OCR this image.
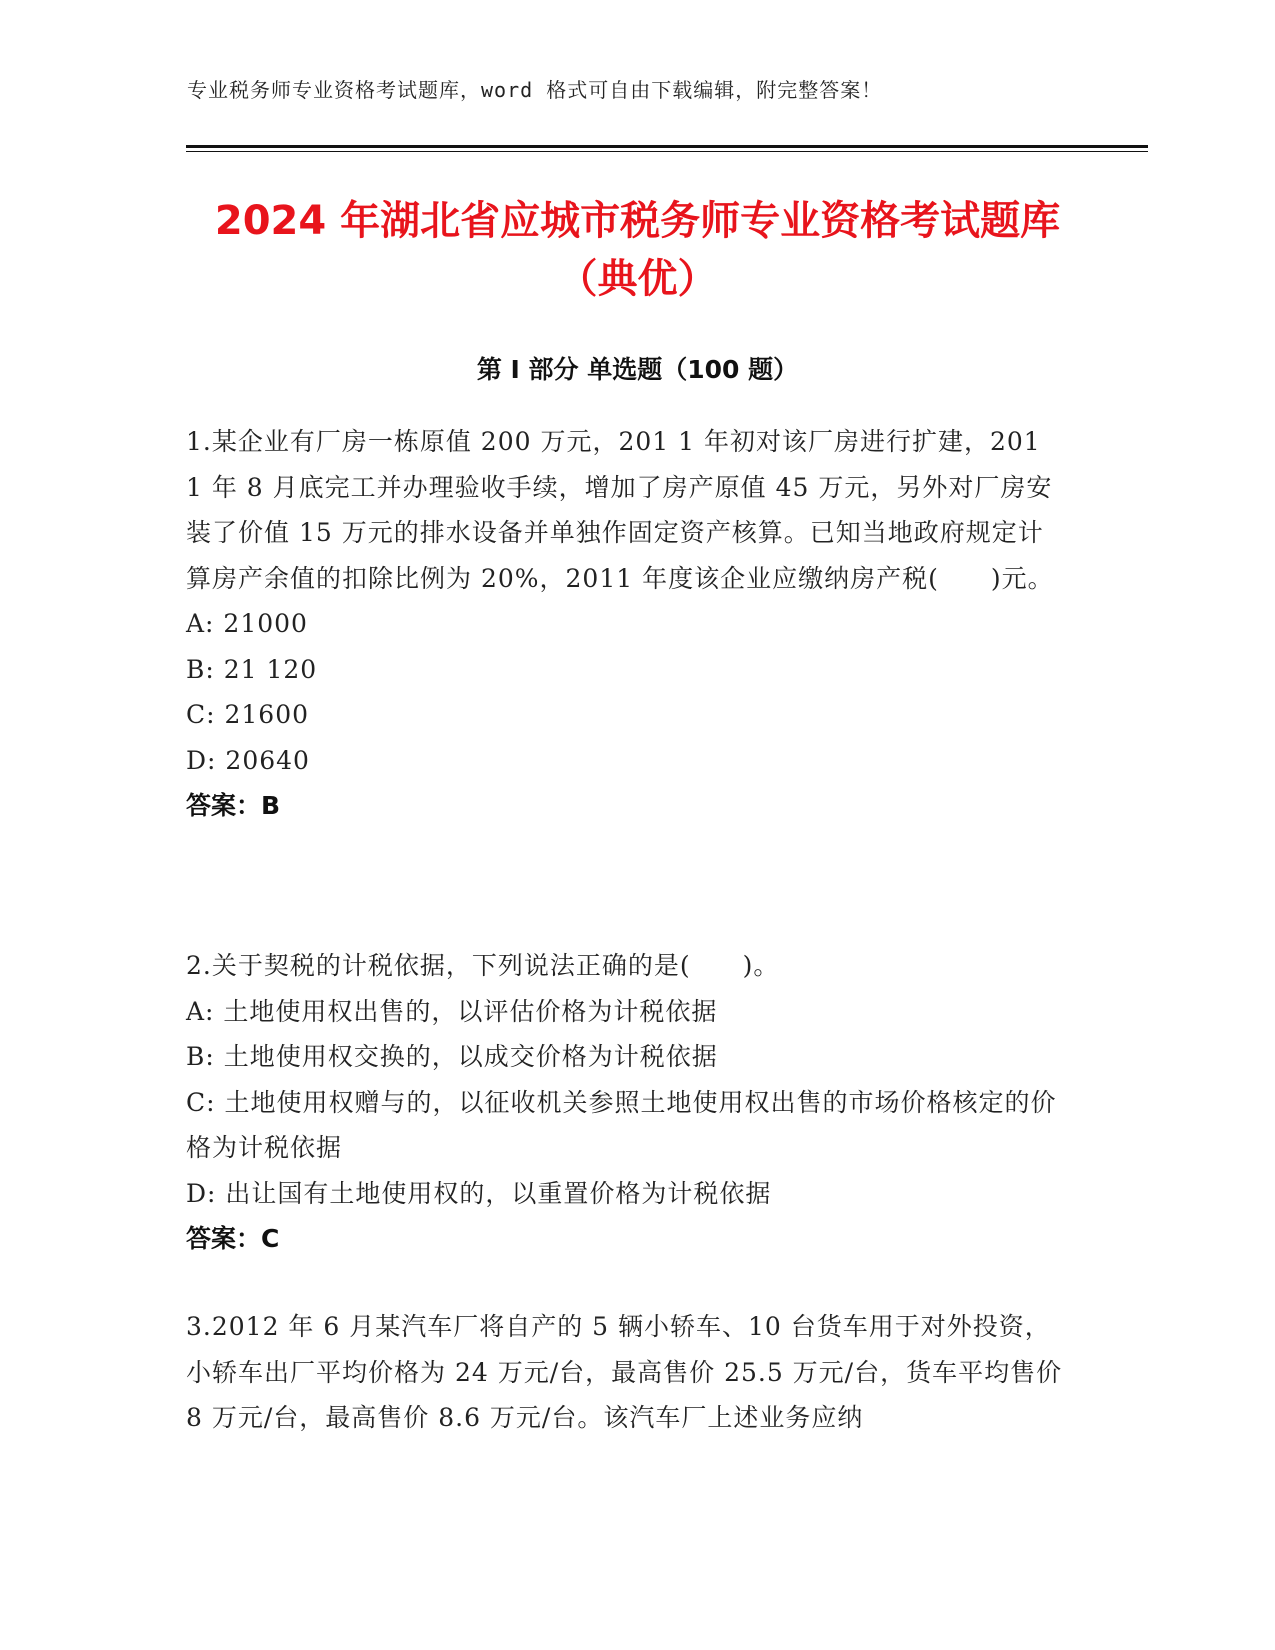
专业税务师专业资格考试题库，word 格式可自由下载编辑，附完整答案！
2024 年湖北省应城市税务师专业资格考试题库（典优）
第 I 部分 单选题（100 题）

1.某企业有厂房一栋原值 200 万元，201 1 年初对该厂房进行扩建，201 1 年 8 月底完工并办理验收手续，增加了房产原值 45 万元，另外对厂房安装了价值 15 万元的排水设备并单独作固定资产核算。已知当地政府规定计算房产余值的扣除比例为 20%，2011 年度该企业应缴纳房产税(　　)元。

A: 21000

B: 21 120

C: 21600

D: 20640

答案：B

2.关于契税的计税依据，下列说法正确的是(　　)。

A: 土地使用权出售的，以评估价格为计税依据

B: 土地使用权交换的，以成交价格为计税依据

C: 土地使用权赠与的，以征收机关参照土地使用权出售的市场价格核定的价格为计税依据

D: 出让国有土地使用权的，以重置价格为计税依据

答案：C

3.2012 年 6 月某汽车厂将自产的 5 辆小轿车、10 台货车用于对外投资，小轿车出厂平均价格为 24 万元/台，最高售价 25.5 万元/台，货车平均售价 8 万元/台，最高售价 8.6 万元/台。该汽车厂上述业务应纳
